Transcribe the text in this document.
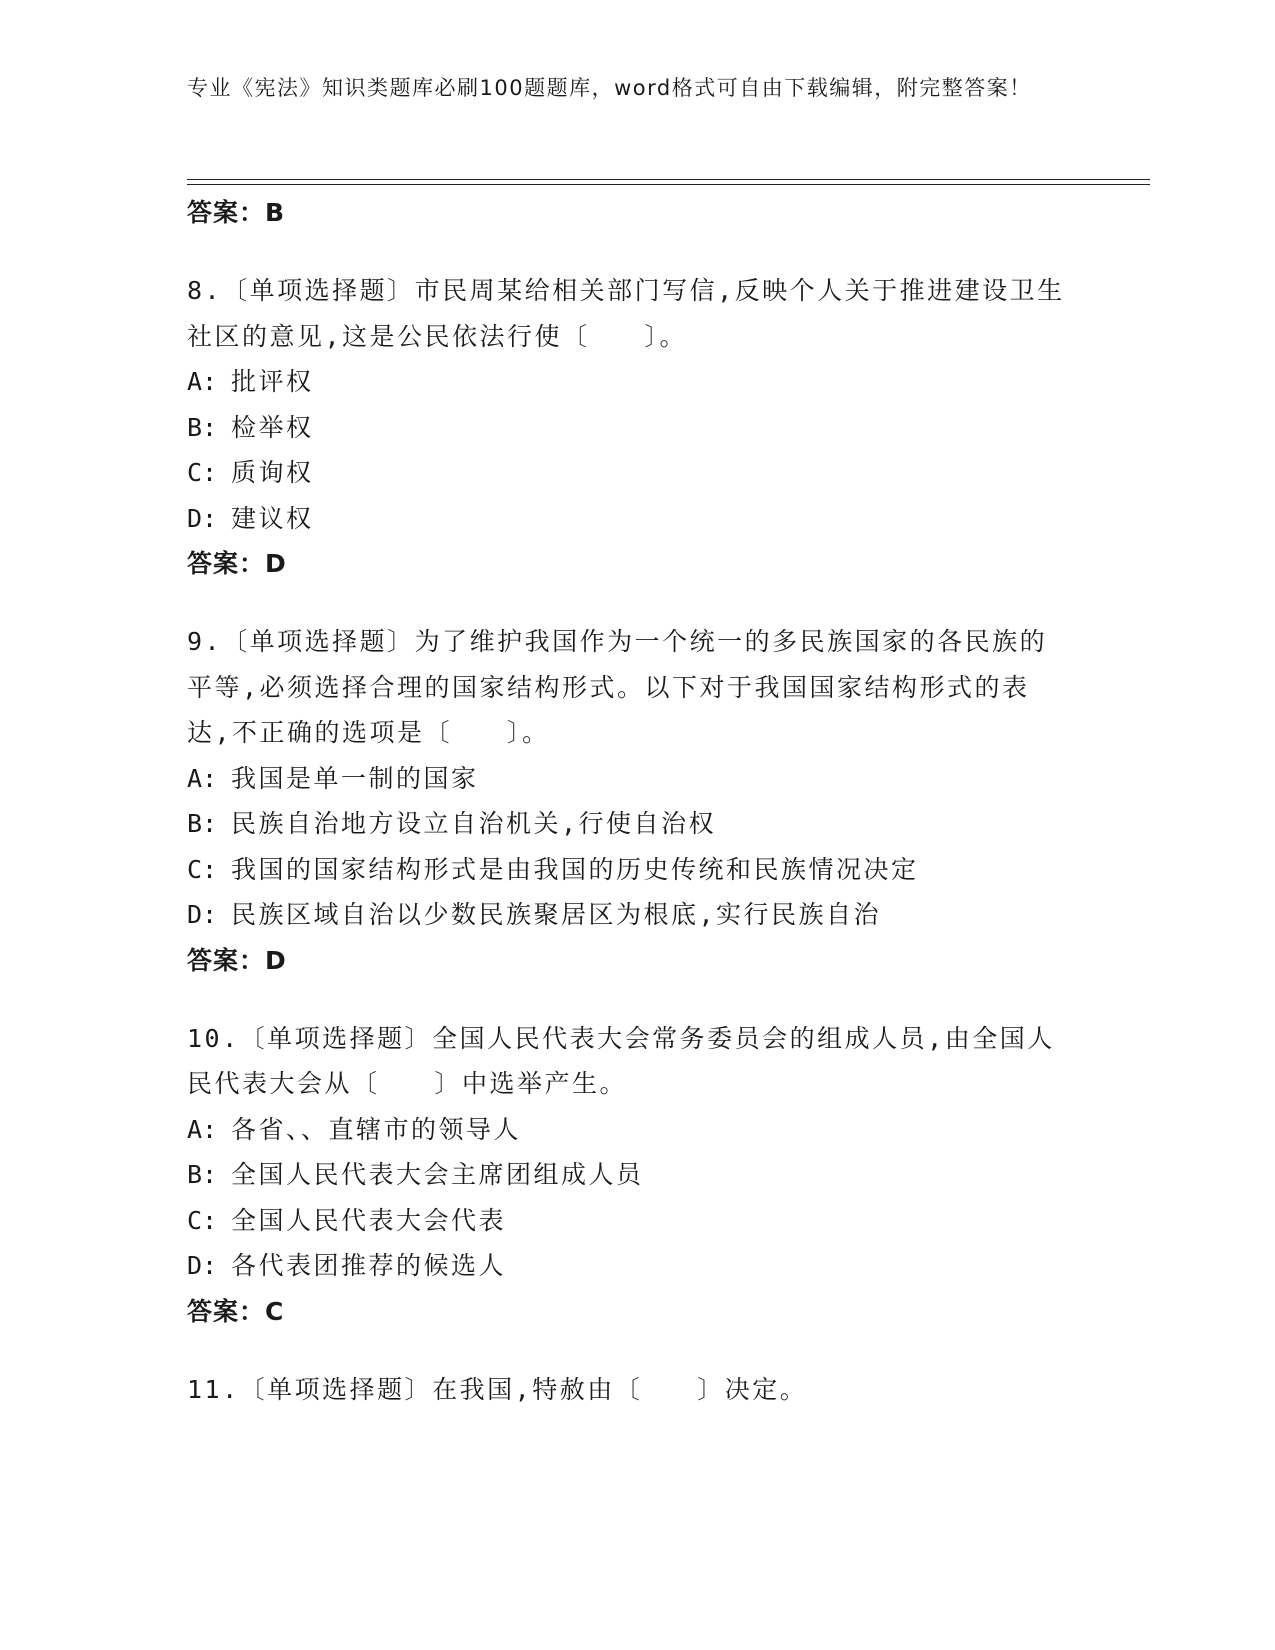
专业《宪法》知识类题库必刷100题题库，word格式可自由下载编辑，附完整答案！
答案：B
8.〔单项选择题〕市民周某给相关部门写信,反映个人关于推进建设卫生社区的意见,这是公民依法行使〔　　〕。
A: 批评权
B: 检举权
C: 质询权
D: 建议权
答案：D
9.〔单项选择题〕为了维护我国作为一个统一的多民族国家的各民族的平等,必须选择合理的国家结构形式。以下对于我国国家结构形式的表达,不正确的选项是〔　　〕。
A: 我国是单一制的国家
B: 民族自治地方设立自治机关,行使自治权
C: 我国的国家结构形式是由我国的历史传统和民族情况决定
D: 民族区域自治以少数民族聚居区为根底,实行民族自治
答案：D
10.〔单项选择题〕全国人民代表大会常务委员会的组成人员,由全国人民代表大会从〔　　〕中选举产生。
A: 各省、、直辖市的领导人
B: 全国人民代表大会主席团组成人员
C: 全国人民代表大会代表
D: 各代表团推荐的候选人
答案：C
11.〔单项选择题〕在我国,特赦由〔　　〕决定。
